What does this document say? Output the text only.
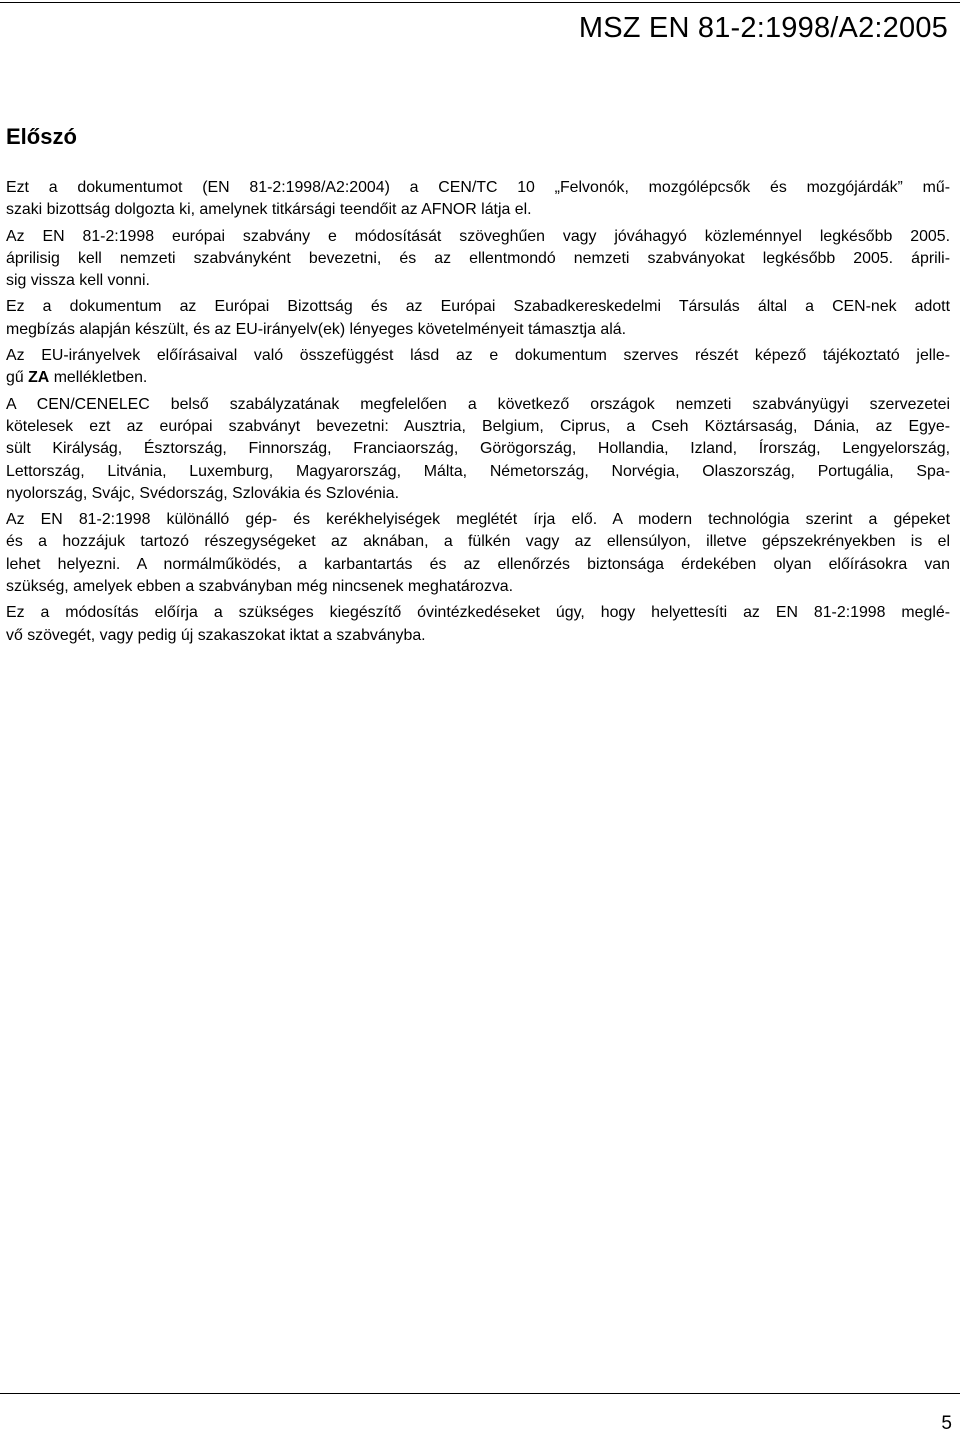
MSZ EN 81-2:1998/A2:2005
Előszó

Ezt a dokumentumot (EN 81-2:1998/A2:2004) a CEN/TC 10 „Felvonók, mozgólépcsők és mozgójárdák” mű-
szaki bizottság dolgozta ki, amelynek titkársági teendőit az AFNOR látja el.

Az EN 81-2:1998 európai szabvány e módosítását szöveghűen vagy jóváhagyó közleménnyel legkésőbb 2005.
áprilisig kell nemzeti szabványként bevezetni, és az ellentmondó nemzeti szabványokat legkésőbb 2005. áprili-
sig vissza kell vonni.

Ez a dokumentum az Európai Bizottság és az Európai Szabadkereskedelmi Társulás által a CEN-nek adott
megbízás alapján készült, és az EU-irányelv(ek) lényeges követelményeit támasztja alá.

Az EU-irányelvek előírásaival való összefüggést lásd az e dokumentum szerves részét képező tájékoztató jelle-
gű ZA mellékletben.

A CEN/CENELEC belső szabályzatának megfelelően a következő országok nemzeti szabványügyi szervezetei
kötelesek ezt az európai szabványt bevezetni: Ausztria, Belgium, Ciprus, a Cseh Köztársaság, Dánia, az Egye-
sült Királyság, Észtország, Finnország, Franciaország, Görögország, Hollandia, Izland, Írország, Lengyelország,
Lettország, Litvánia, Luxemburg, Magyarország, Málta, Németország, Norvégia, Olaszország, Portugália, Spa-
nyolország, Svájc, Svédország, Szlovákia és Szlovénia.

Az EN 81-2:1998 különálló gép- és kerékhelyiségek meglétét írja elő. A modern technológia szerint a gépeket
és a hozzájuk tartozó részegységeket az aknában, a fülkén vagy az ellensúlyon, illetve gépszekrényekben is el
lehet helyezni. A normálműködés, a karbantartás és az ellenőrzés biztonsága érdekében olyan előírásokra van
szükség, amelyek ebben a szabványban még nincsenek meghatározva.

Ez a módosítás előírja a szükséges kiegészítő óvintézkedéseket úgy, hogy helyettesíti az EN 81-2:1998 meglé-
vő szövegét, vagy pedig új szakaszokat iktat a szabványba.

5
